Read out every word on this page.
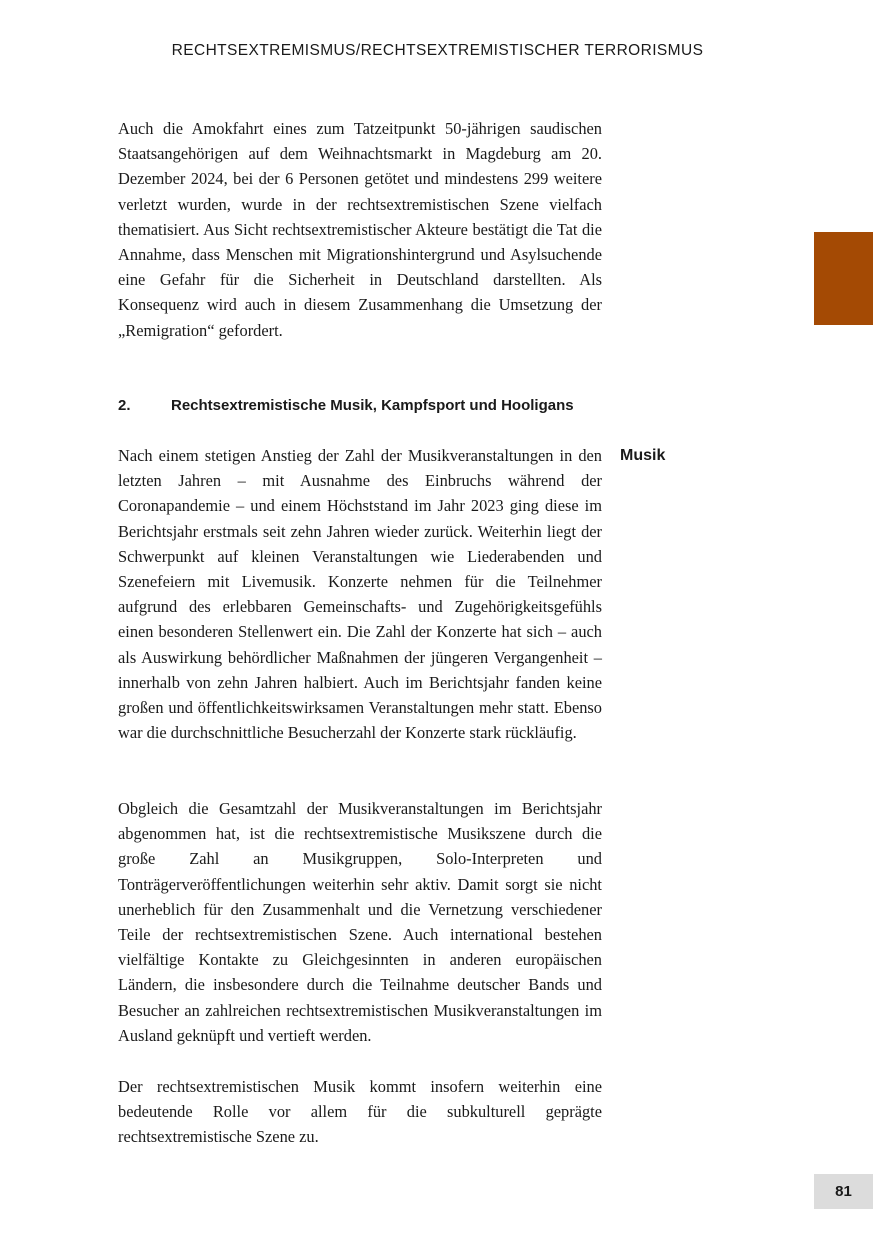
RECHTSEXTREMISMUS/RECHTSEXTREMISTISCHER TERRORISMUS

Auch die Amokfahrt eines zum Tatzeitpunkt 50-jährigen saudischen Staatsangehörigen auf dem Weihnachtsmarkt in Magdeburg am 20. Dezember 2024, bei der 6 Personen getötet und mindestens 299 weitere verletzt wurden, wurde in der rechtsextremistischen Szene vielfach thematisiert. Aus Sicht rechtsextremistischer Akteure bestätigt die Tat die Annahme, dass Menschen mit Migrationshintergrund und Asylsuchende eine Gefahr für die Sicherheit in Deutschland darstellten. Als Konsequenz wird auch in diesem Zusammenhang die Umsetzung der „Remigration“ gefordert.

2.	Rechtsextremistische Musik, Kampfsport und Hooligans
Musik

Nach einem stetigen Anstieg der Zahl der Musikveranstaltungen in den letzten Jahren – mit Ausnahme des Einbruchs während der Coronapandemie – und einem Höchststand im Jahr 2023 ging diese im Berichtsjahr erstmals seit zehn Jahren wieder zurück. Weiterhin liegt der Schwerpunkt auf kleinen Veranstaltungen wie Liederabenden und Szenefeiern mit Livemusik. Konzerte nehmen für die Teilnehmer aufgrund des erlebbaren Gemeinschafts- und Zugehörigkeitsgefühls einen besonderen Stellenwert ein. Die Zahl der Konzerte hat sich – auch als Auswirkung behördlicher Maßnahmen der jüngeren Vergangenheit – innerhalb von zehn Jahren halbiert. Auch im Berichtsjahr fanden keine großen und öffentlichkeitswirksamen Veranstaltungen mehr statt. Ebenso war die durchschnittliche Besucherzahl der Konzerte stark rückläufig.

Obgleich die Gesamtzahl der Musikveranstaltungen im Berichtsjahr abgenommen hat, ist die rechtsextremistische Musikszene durch die große Zahl an Musikgruppen, Solo-Interpreten und Tonträgerveröffentlichungen weiterhin sehr aktiv. Damit sorgt sie nicht unerheblich für den Zusammenhalt und die Vernetzung verschiedener Teile der rechtsextremistischen Szene. Auch international bestehen vielfältige Kontakte zu Gleichgesinnten in anderen europäischen Ländern, die insbesondere durch die Teilnahme deutscher Bands und Besucher an zahlreichen rechtsextremistischen Musikveranstaltungen im Ausland geknüpft und vertieft werden.

Der rechtsextremistischen Musik kommt insofern weiterhin eine bedeutende Rolle vor allem für die subkulturell geprägte rechtsextremistische Szene zu.

81
